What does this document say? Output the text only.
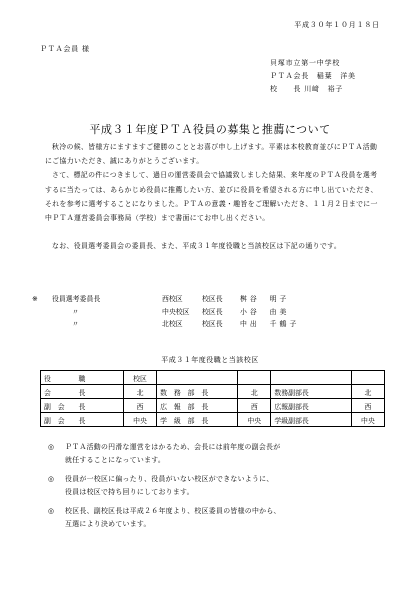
平成３０年１０月１８日
ＰＴＡ会員 様
貝塚市立第一中学校
ＰＴＡ会長　稲葉　洋美
校　　長 川﨑　裕子
平成３１年度ＰＴＡ役員の募集と推薦について

秋冷の候、皆様方にますますご健勝のこととお喜び申し上げます。平素は本校教育並びにＰＴＡ活動にご協力いただき、誠にありがとうございます。

さて、標記の件につきまして、過日の運営委員会で協議致しました結果、来年度のＰＴＡ役員を選考するに当たっては、あらかじめ役員に推薦したい方、並びに役員を希望される方に申し出ていただき、それを参考に選考することになりました。ＰＴＡの意義・趣旨をご理解いただき、１１月２日までに一中ＰＴＡ運営委員会事務局（学校）まで書面にてお申し出ください。

なお、役員選考委員会の委員長、また、平成３１年度役職と当該校区は下記の通りです。

※	役員選考委員長	西校区	校区長	桝谷　明子
〃	中央校区	校区長	小谷　由美
〃	北校区	校区長	中出　千鶴子
平成３１年度役職と当該校区
役　　　　職	校区				
会　　　　長	北	数　務　部　長	北	数務副部長	北
副　会　　長	西	広　報　部　長	西	広報副部長	西
副　会　　長	中央	学　級　部　長	中央	学級副部長	中央
◎	ＰＴＡ活動の円滑な運営をはかるため、会長には前年度の副会長が
就任することになっています。
◎	役員が一校区に偏ったり、役員がいない校区ができないように、
役員は校区で持ち回りにしております。
◎	校区長、副校区長は平成２６年度より、校区委員の皆様の中から、
互選により決めています。
